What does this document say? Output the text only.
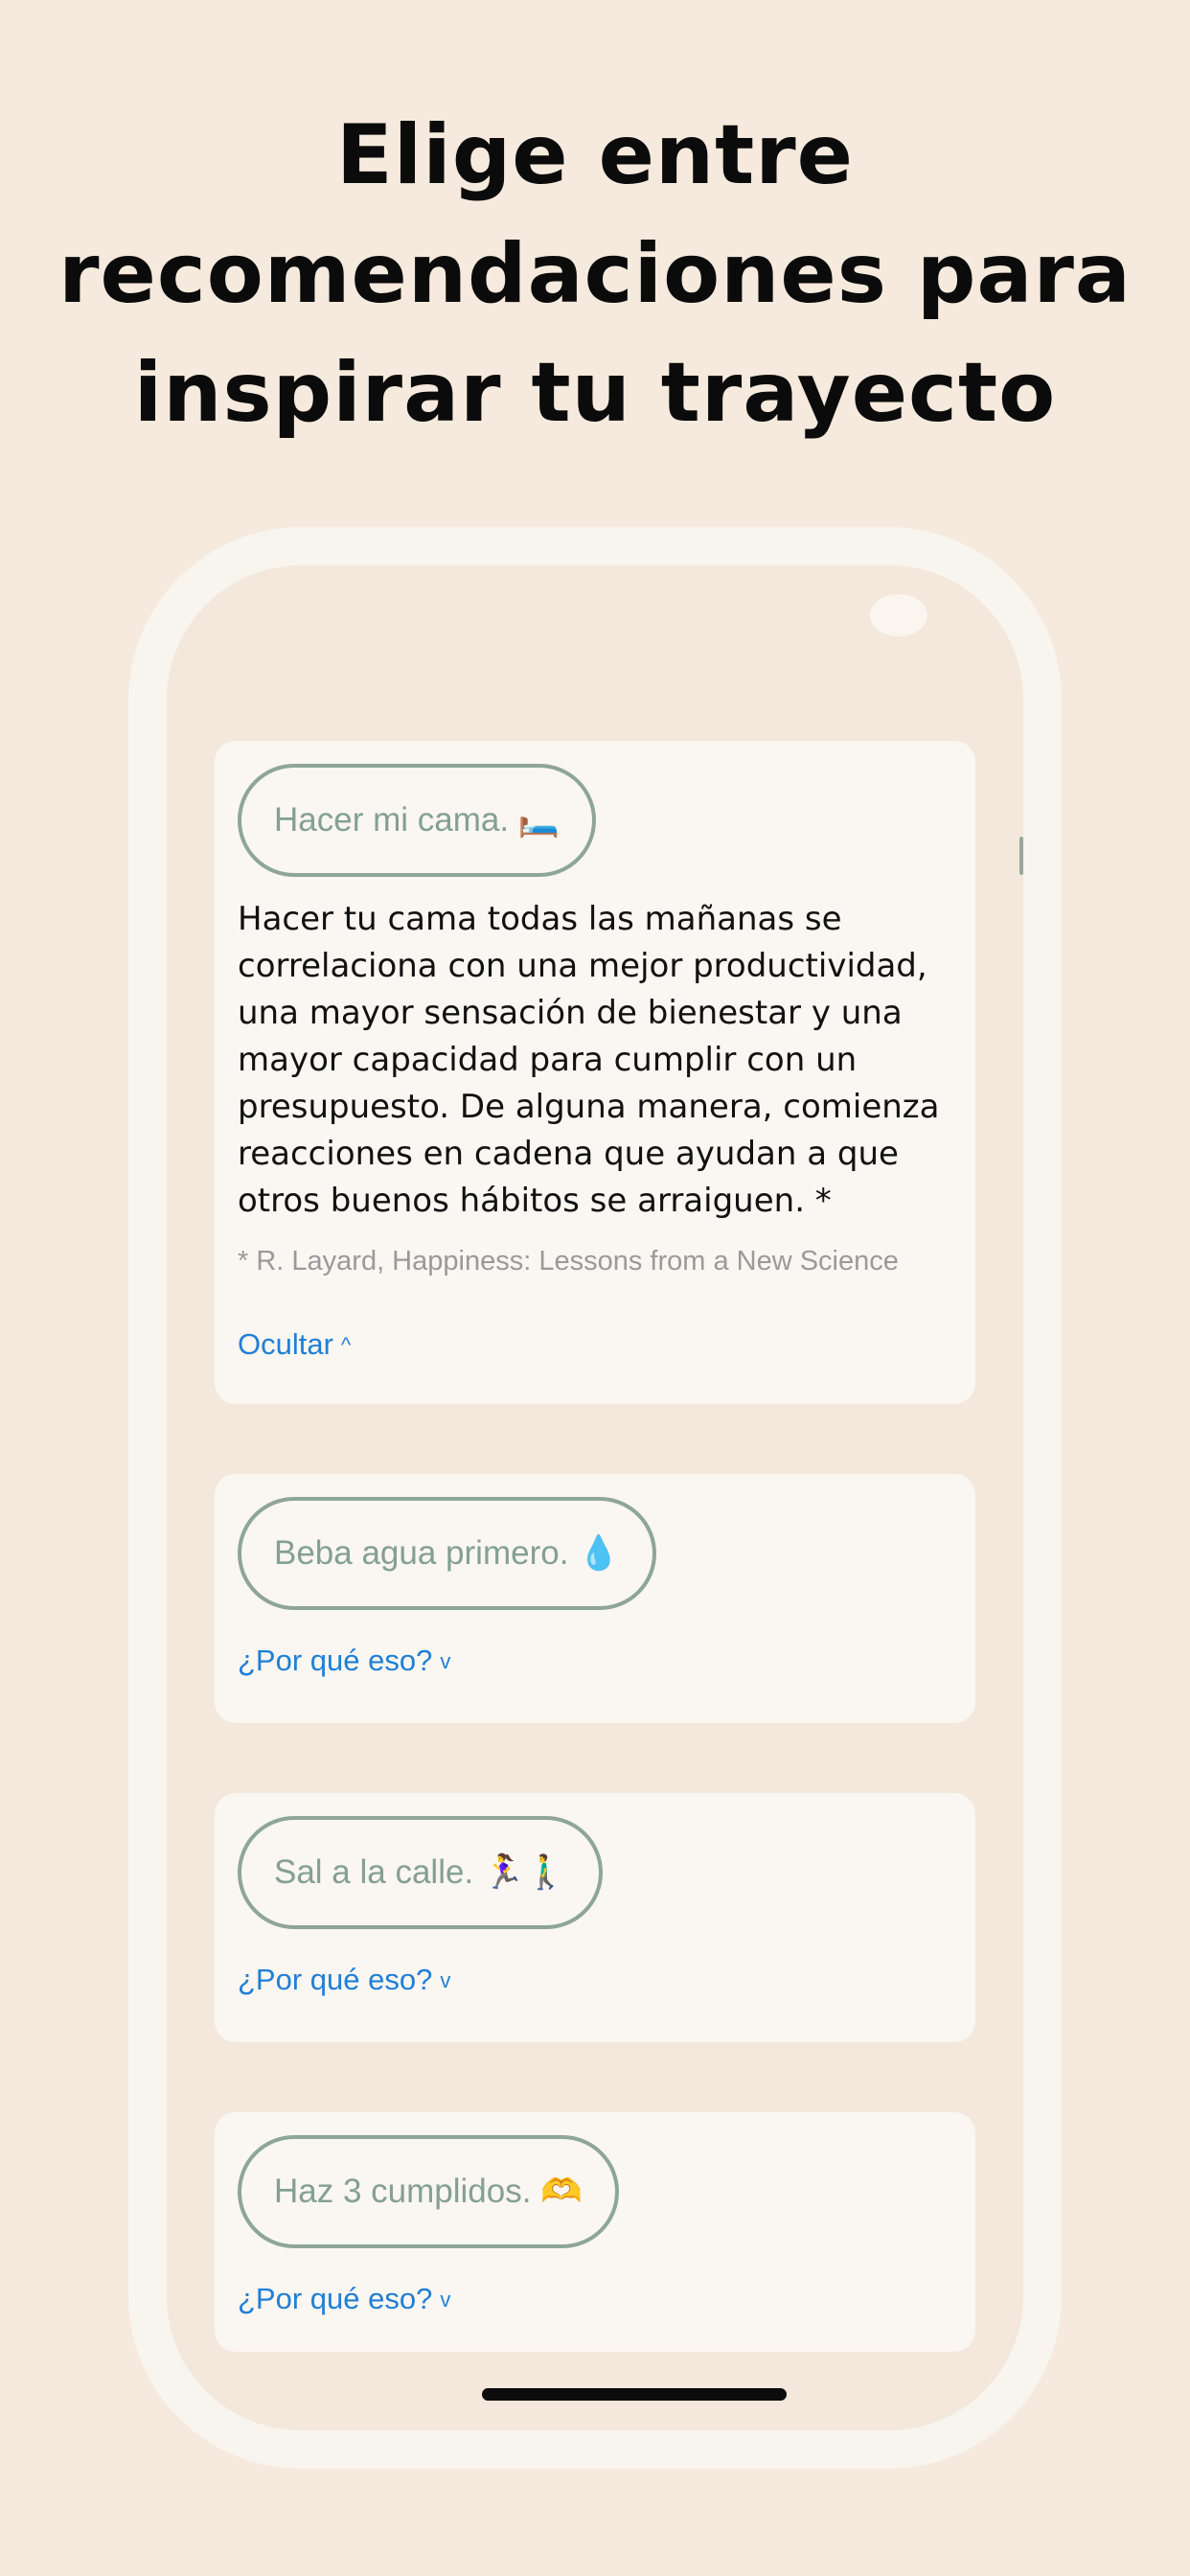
Elige entre
recomendaciones para
inspirar tu trayecto
Hacer mi cama. 🛏️

Hacer tu cama todas las mañanas se correlaciona con una mejor productividad, una mayor sensación de bienestar y una mayor capacidad para cumplir con un presupuesto. De alguna manera, comienza reacciones en cadena que ayudan a que otros buenos hábitos se arraiguen. *

* R. Layard, Happiness: Lessons from a New Science

Ocultar ^
Beba agua primero. 💧
¿Por qué eso? v
Sal a la calle. 🏃‍♀️🚶‍♂️
¿Por qué eso? v
Haz 3 cumplidos. 🫶
¿Por qué eso? v
